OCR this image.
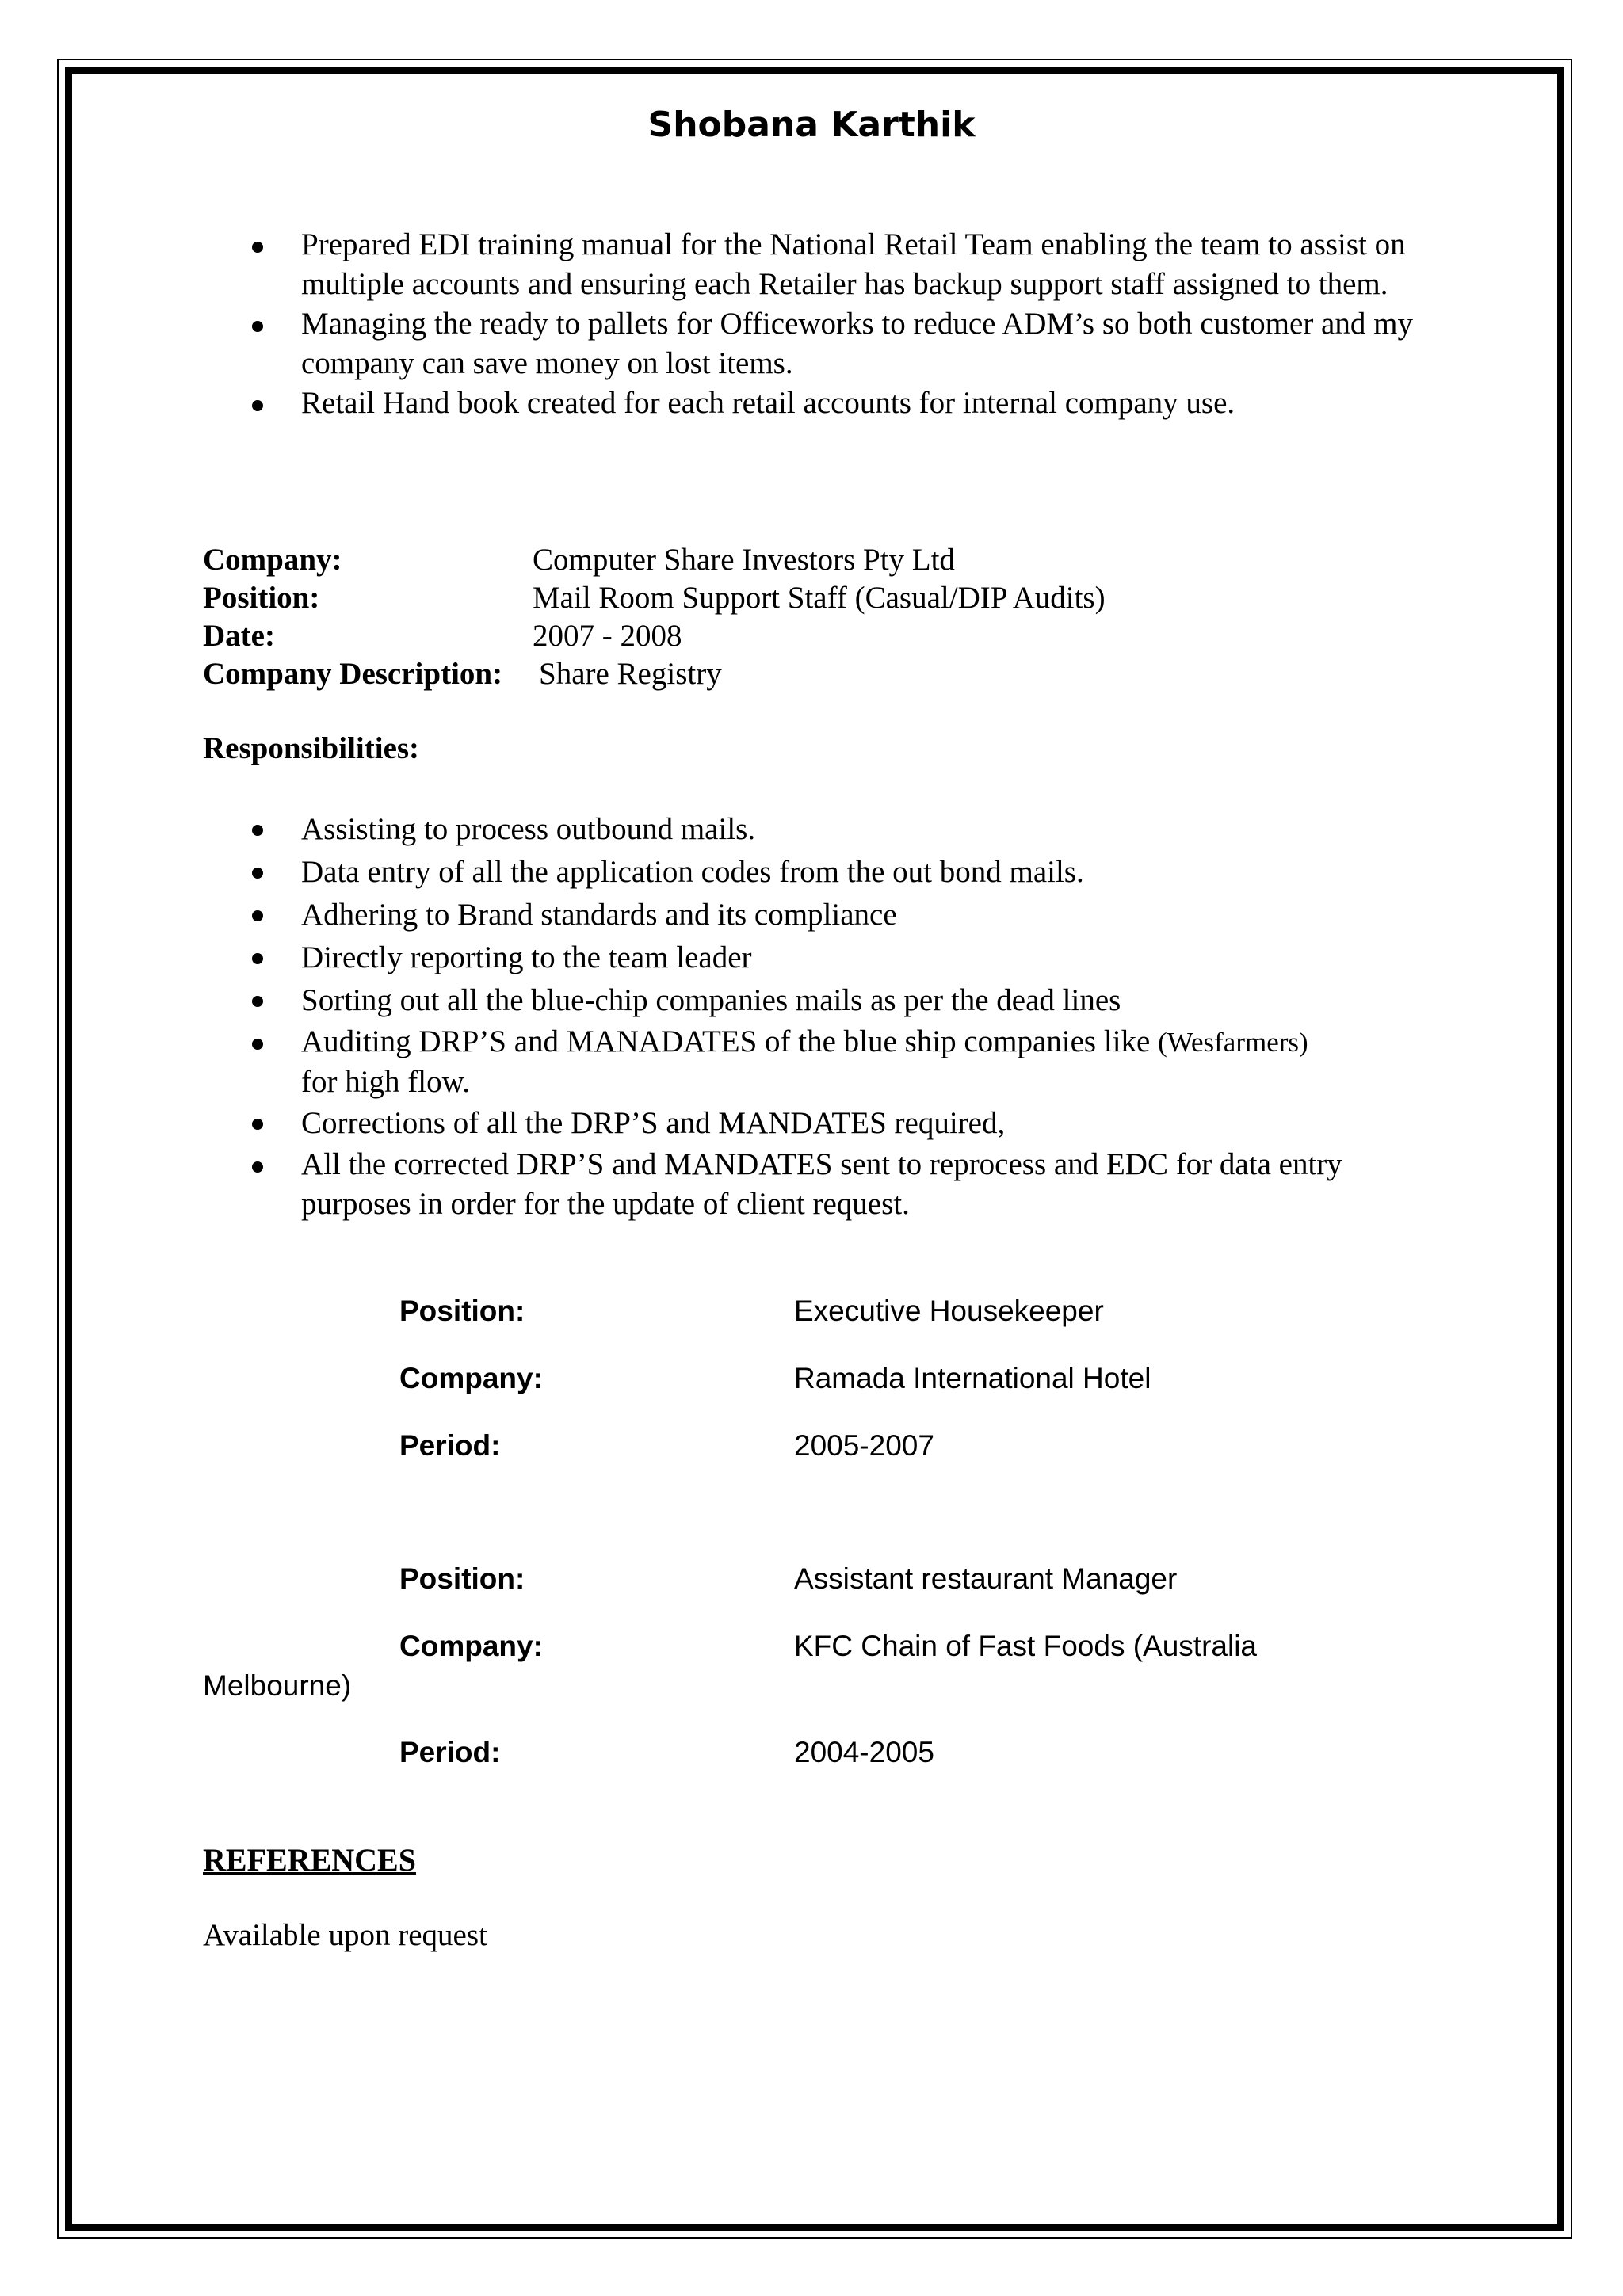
Shobana Karthik
Prepared EDI training manual for the National Retail Team enabling the team to assist on multiple accounts and ensuring each Retailer has backup support staff assigned to them.
Managing the ready to pallets for Officeworks to reduce ADM’s so both customer and my company can save money on lost items.
Retail Hand book created for each retail accounts for internal company use.
Company:	Computer Share Investors Pty Ltd
Position:	Mail Room Support Staff (Casual/DIP Audits)
Date:	2007 - 2008
Company Description: Share Registry
Responsibilities:
Assisting to process outbound mails.
Data entry of all the application codes from the out bond mails.
Adhering to Brand standards and its compliance
Directly reporting to the team leader
Sorting out all the blue-chip companies mails as per the dead lines
Auditing DRP’S and MANADATES of the blue ship companies like (Wesfarmers)
for high flow.
Corrections of all the DRP’S and MANDATES required,
All the corrected DRP’S and MANDATES sent to reprocess and EDC for data entry purposes in order for the update of client request.
Position:	Executive Housekeeper
Company:	Ramada International Hotel
Period:	2005-2007
Position:	Assistant restaurant Manager
Company:	KFC Chain of Fast Foods (Australia
Melbourne)
Period:	2004-2005
REFERENCES
Available upon request
